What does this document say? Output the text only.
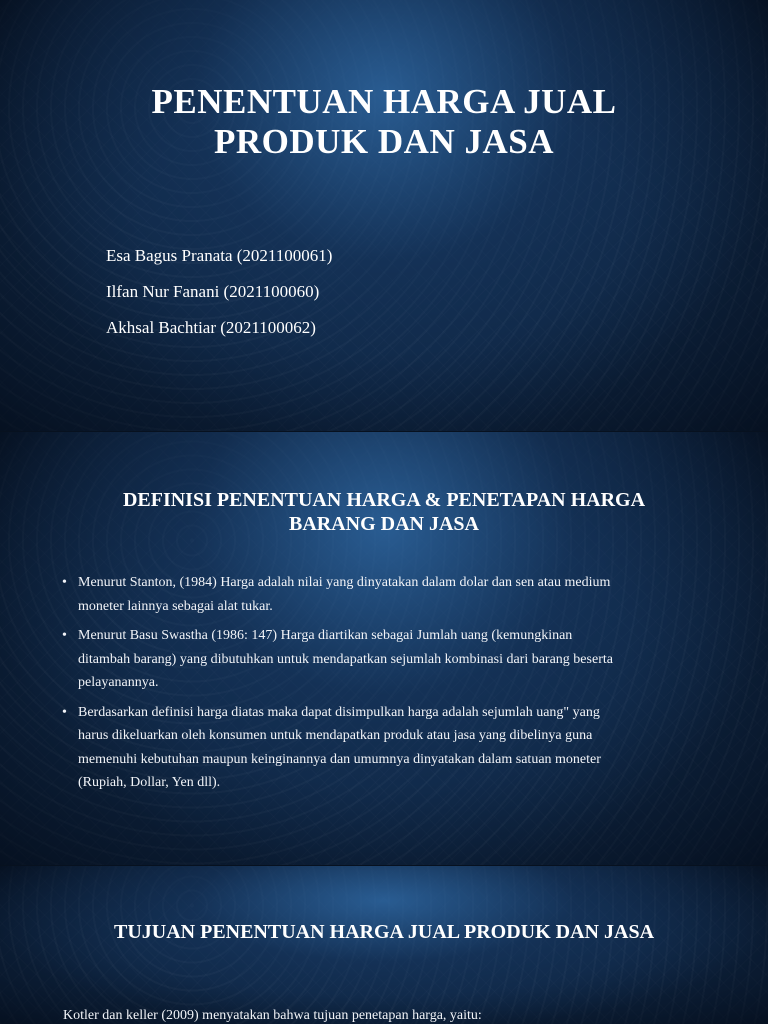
PENENTUAN HARGA JUAL
PRODUK DAN JASA
Esa Bagus Pranata (2021100061)
Ilfan Nur Fanani (2021100060)
Akhsal Bachtiar (2021100062)
DEFINISI PENENTUAN HARGA & PENETAPAN HARGA
BARANG DAN JASA
• Menurut Stanton, (1984) Harga adalah nilai yang dinyatakan dalam dolar dan sen atau medium
moneter lainnya sebagai alat tukar.
• Menurut Basu Swastha (1986: 147) Harga diartikan sebagai Jumlah uang (kemungkinan
ditambah barang) yang dibutuhkan untuk mendapatkan sejumlah kombinasi dari barang beserta
pelayanannya.
• Berdasarkan definisi harga diatas maka dapat disimpulkan harga adalah sejumlah uang" yang
harus dikeluarkan oleh konsumen untuk mendapatkan produk atau jasa yang dibelinya guna
memenuhi kebutuhan maupun keinginannya dan umumnya dinyatakan dalam satuan moneter
(Rupiah, Dollar, Yen dll).
TUJUAN PENENTUAN HARGA JUAL PRODUK DAN JASA

Kotler dan keller (2009) menyatakan bahwa tujuan penetapan harga, yaitu:
